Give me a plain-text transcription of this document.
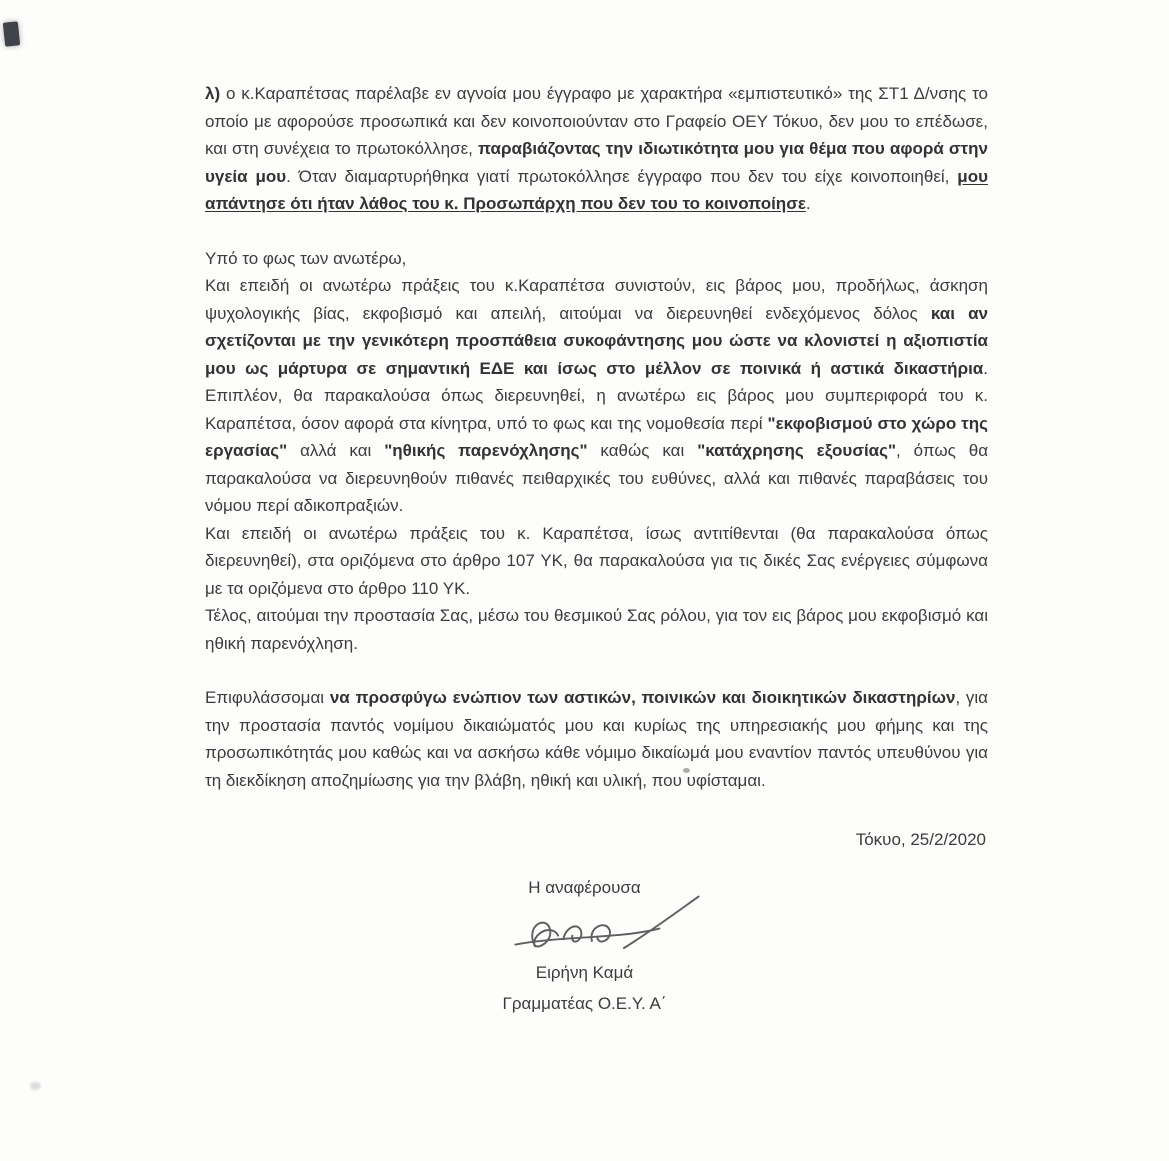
λ) ο κ.Καραπέτσας παρέλαβε εν αγνοία μου έγγραφο με χαρακτήρα «εμπιστευτικό» της ΣΤ1 Δ/νσης το οποίο με αφορούσε προσωπικά και δεν κοινοποιούνταν στο Γραφείο ΟΕΥ Τόκυο, δεν μου το επέδωσε, και στη συνέχεια το πρωτοκόλλησε, παραβιάζοντας την ιδιωτικότητα μου για θέμα που αφορά στην υγεία μου. Όταν διαμαρτυρήθηκα γιατί πρωτοκόλλησε έγγραφο που δεν του είχε κοινοποιηθεί, μου απάντησε ότι ήταν λάθος του κ. Προσωπάρχη που δεν του το κοινοποίησε.

Υπό το φως των ανωτέρω,

Και επειδή οι ανωτέρω πράξεις του κ.Καραπέτσα συνιστούν, εις βάρος μου, προδήλως, άσκηση ψυχολογικής βίας, εκφοβισμό και απειλή, αιτούμαι να διερευνηθεί ενδεχόμενος δόλος και αν σχετίζονται με την γενικότερη προσπάθεια συκοφάντησης μου ώστε να κλονιστεί η αξιοπιστία μου ως μάρτυρα σε σημαντική ΕΔΕ και ίσως στο μέλλον σε ποινικά ή αστικά δικαστήρια. Επιπλέον, θα παρακαλούσα όπως διερευνηθεί, η ανωτέρω εις βάρος μου συμπεριφορά του κ. Καραπέτσα, όσον αφορά στα κίνητρα, υπό το φως και της νομοθεσία περί "εκφοβισμού στο χώρο της εργασίας" αλλά και "ηθικής παρενόχλησης" καθώς και "κατάχρησης εξουσίας", όπως θα παρακαλούσα να διερευνηθούν πιθανές πειθαρχικές του ευθύνες, αλλά και πιθανές παραβάσεις του νόμου περί αδικοπραξιών.

Και επειδή οι ανωτέρω πράξεις του κ. Καραπέτσα, ίσως αντιτίθενται (θα παρακαλούσα όπως διερευνηθεί), στα οριζόμενα στο άρθρο 107 ΥΚ, θα παρακαλούσα για τις δικές Σας ενέργειες σύμφωνα με τα οριζόμενα στο άρθρο 110 ΥΚ.

Τέλος, αιτούμαι την προστασία Σας, μέσω του θεσμικού Σας ρόλου, για τον εις βάρος μου εκφοβισμό και ηθική παρενόχληση.

Επιφυλάσσομαι να προσφύγω ενώπιον των αστικών, ποινικών και διοικητικών δικαστηρίων, για την προστασία παντός νομίμου δικαιώματός μου και κυρίως της υπηρεσιακής μου φήμης και της προσωπικότητάς μου καθώς και να ασκήσω κάθε νόμιμο δικαίωμά μου εναντίον παντός υπευθύνου για τη διεκδίκηση αποζημίωσης για την βλάβη, ηθική και υλική, που υφίσταμαι.

Τόκυο, 25/2/2020

Η αναφέρουσα
Ειρήνη Καμά
Γραμματέας Ο.Ε.Υ. Α΄
